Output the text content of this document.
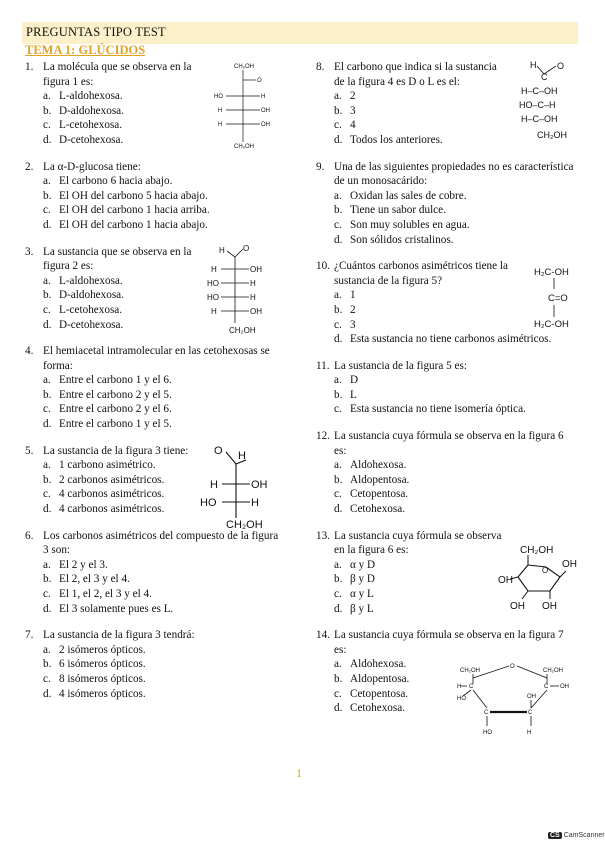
PREGUNTAS TIPO TEST
TEMA 1: GLÚCIDOS
1. La molécula que se observa en la figura 1 es:
a. L-aldohexosa.
b. D-aldohexosa.
c. L-cetohexosa.
d. D-cetohexosa.
2. La α-D-glucosa tiene:
a. El carbono 6 hacia abajo.
b. El OH del carbono 5 hacia abajo.
c. El OH del carbono 1 hacia arriba.
d. El OH del carbono 1 hacia abajo.
3. La sustancia que se observa en la figura 2 es:
a. L-aldohexosa.
b. D-aldohexosa.
c. L-cetohexosa.
d. D-cetohexosa.
4. El hemiacetal intramolecular en las cetohexosas se forma:
a. Entre el carbono 1 y el 6.
b. Entre el carbono 2 y el 5.
c. Entre el carbono 2 y el 6.
d. Entre el carbono 1 y el 5.
5. La sustancia de la figura 3 tiene:
a. 1 carbono asimétrico.
b. 2 carbonos asimétricos.
c. 4 carbonos asimétricos.
d. 4 carbonos asimétricos.
6. Los carbonos asimétricos del compuesto de la figura 3 son:
a. El 2 y el 3.
b. El 2, el 3 y el 4.
c. El 1, el 2, el 3 y el 4.
d. El 3 solamente pues es L.
7. La sustancia de la figura 3 tendrá:
a. 2 isómeros ópticos.
b. 6 isómeros ópticos.
c. 8 isómeros ópticos.
d. 4 isómeros ópticos.
8. El carbono que indica si la sustancia de la figura 4 es D o L es el:
a. 2
b. 3
c. 4
d. Todos los anteriores.
9. Una de las siguientes propiedades no es característica de un monosacárido:
a. Oxidan las sales de cobre.
b. Tiene un sabor dulce.
c. Son muy solubles en agua.
d. Son sólidos cristalinos.
10. ¿Cuántos carbonos asimétricos tiene la sustancia de la figura 5?
a. 1
b. 2
c. 3
d. Esta sustancia no tiene carbonos asimétricos.
11. La sustancia de la figura 5 es:
a. D
b. L
c. Esta sustancia no tiene isomería óptica.
12. La sustancia cuya fórmula se observa en la figura 6 es:
a. Aldohexosa.
b. Aldopentosa.
c. Cetopentosa.
d. Cetohexosa.
13. La sustancia cuya fórmula se observa en la figura 6 es:
a. α y D
b. β y D
c. α y L
d. β y L
14. La sustancia cuya fórmula se observa en la figura 7 es:
a. Aldohexosa.
b. Aldopentosa.
c. Cetopentosa.
d. Cetohexosa.
CH₂OH
O
HO	H
H	OH
H	OH
CH₂OH
H O
H	OH
HO	H
HO	H
H	OH
CH₂OH
H
O
H	OH
HO	H
CH₂OH
H O
C
H–C–OH
HO–C–H
H–C–OH
CH₂OH
H₂C-OH
C=O
H₂C-OH
CH₂OH
O
OH
OH
OH OH
CH₂OH	CH₂OH
O
C	C
H
HO
OH
C	C
HO	H
OH
1
CS CamScanner
